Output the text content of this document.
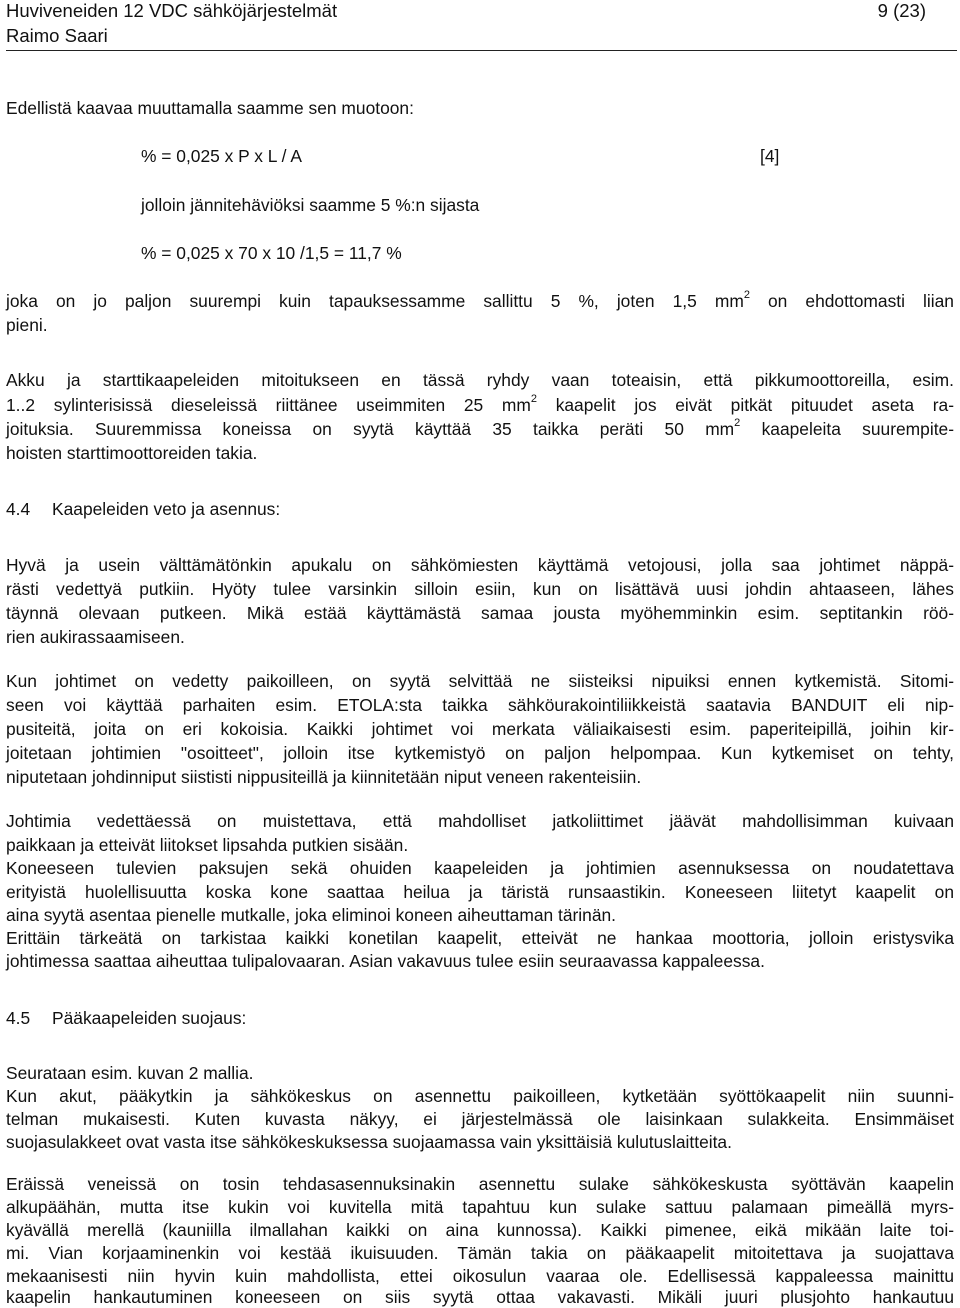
Huviveneiden 12 VDC sähköjärjestelmät	9 (23)
Raimo Saari
Edellistä kaavaa muuttamalla saamme sen muotoon:
% = 0,025 x P x L / A	[4]
jolloin jännitehäviöksi saamme 5 %:n sijasta
% = 0,025 x 70 x 10 /1,5 = 11,7 %
joka on jo paljon suurempi kuin tapauksessamme sallittu 5 %, joten 1,5 $mm^2$ on ehdottomasti liian
pieni.
Akku ja starttikaapeleiden mitoitukseen en tässä ryhdy vaan toteaisin, että pikkumoottoreilla, esim.
1..2 sylinterisissä dieseleissä riittänee useimmiten 25 $mm^2$ kaapelit jos eivät pitkät pituudet aseta ra-
joituksia. Suuremmissa koneissa on syytä käyttää 35 taikka peräti 50 $mm^2$ kaapeleita suurempite-
hoisten starttimoottoreiden takia.
4.4 Kaapeleiden veto ja asennus:
Hyvä ja usein välttämätönkin apukalu on sähkömiesten käyttämä vetojousi, jolla saa johtimet näppä-
rästi vedettyä putkiin. Hyöty tulee varsinkin silloin esiin, kun on lisättävä uusi johdin ahtaaseen, lähes
täynnä olevaan putkeen. Mikä estää käyttämästä samaa jousta myöhemminkin esim. septitankin röö-
rien aukirassaamiseen.
Kun johtimet on vedetty paikoilleen, on syytä selvittää ne siisteiksi nipuiksi ennen kytkemistä. Sitomi-
seen voi käyttää parhaiten esim. ETOLA:sta taikka sähköurakointiliikkeistä saatavia BANDUIT eli nip-
pusiteitä, joita on eri kokoisia. Kaikki johtimet voi merkata väliaikaisesti esim. paperiteipillä, joihin kir-
joitetaan johtimien "osoitteet", jolloin itse kytkemistyö on paljon helpompaa. Kun kytkemiset on tehty,
niputetaan johdinniput siististi nippusiteillä ja kiinnitetään niput veneen rakenteisiin.
Johtimia vedettäessä on muistettava, että mahdolliset jatkoliittimet jäävät mahdollisimman kuivaan
paikkaan ja etteivät liitokset lipsahda putkien sisään.
Koneeseen tulevien paksujen sekä ohuiden kaapeleiden ja johtimien asennuksessa on noudatettava
erityistä huolellisuutta koska kone saattaa heilua ja täristä runsaastikin. Koneeseen liitetyt kaapelit on
aina syytä asentaa pienelle mutkalle, joka eliminoi koneen aiheuttaman tärinän.
Erittäin tärkeätä on tarkistaa kaikki konetilan kaapelit, etteivät ne hankaa moottoria, jolloin eristysvika
johtimessa saattaa aiheuttaa tulipalovaaran. Asian vakavuus tulee esiin seuraavassa kappaleessa.
4.5 Pääkaapeleiden suojaus:
Seurataan esim. kuvan 2 mallia.
Kun akut, pääkytkin ja sähkökeskus on asennettu paikoilleen, kytketään syöttökaapelit niin suunni-
telman mukaisesti. Kuten kuvasta näkyy, ei järjestelmässä ole laisinkaan sulakkeita. Ensimmäiset
suojasulakkeet ovat vasta itse sähkökeskuksessa suojaamassa vain yksittäisiä kulutuslaitteita.
Eräissä veneissä on tosin tehdasasennuksinakin asennettu sulake sähkökeskusta syöttävän kaapelin
alkupäähän, mutta itse kukin voi kuvitella mitä tapahtuu kun sulake sattuu palamaan pimeällä myrs-
kyävällä merellä (kauniilla ilmallahan kaikki on aina kunnossa). Kaikki pimenee, eikä mikään laite toi-
mi. Vian korjaaminenkin voi kestää ikuisuuden. Tämän takia on pääkaapelit mitoitettava ja suojattava
mekaanisesti niin hyvin kuin mahdollista, ettei oikosulun vaaraa ole. Edellisessä kappaleessa mainittu
kaapelin hankautuminen koneeseen on siis syytä ottaa vakavasti. Mikäli juuri plusjohto hankautuu
